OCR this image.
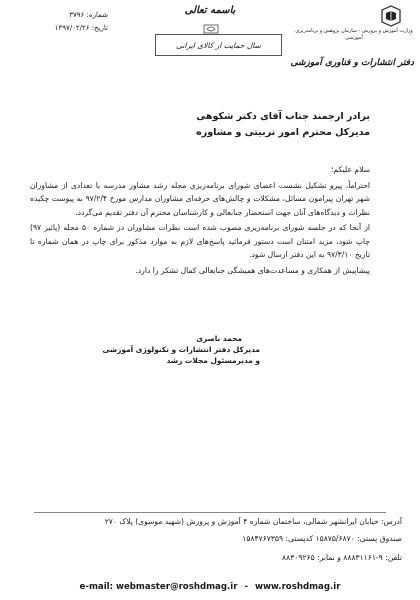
شماره: ۳۷۹۶
تاریخ: ۱۳۹۷/۰۲/۲۶
باسمه تعالی
سال حمایت از کالای ایرانی
وزارت آموزش و پرورش - سازمان پژوهش و برنامه‌ریزی آموزشی
دفتر انتشارات و فناوری آموزشی
برادر ارجمند جناب آقای دکتر شکوهی
مدیرکل محترم امور تربیتی و مشاوره

سلام علیکم؛

احتراماً، پیرو تشکیل نشست اعضای شورای برنامه‌ریزی مجله رشد مشاور مدرسه با تعدادی از مشاوران شهر تهران پیرامون مسائل، مشکلات و چالش‌های حرفه‌ای مشاوران مدارس مورخ ۹۷/۲/۴ به پیوست چکیده نظرات و دیدگاه‌های آنان جهت استحضار جنابعالی و کارشناسان محترم آن دفتر تقدیم می‌گردد.

از آنجا که در جلسه شورای برنامه‌ریزی مصوب شده است نظرات مشاوران در شماره ۵۰ مجله (پائیز ۹۷) چاپ شود، مزید امتنان است دستور فرمائید پاسخ‌های لازم به موارد مذکور برای چاپ در همان شماره تا تاریخ ۹۷/۳/۱۰ به این دفتر ارسال شود.

پیشاپیش از همکاری و مساعدت‌های همیشگی جنابعالی کمال تشکر را دارد.

محمد ناصری
مدیرکل دفتر انتشارات و تکنولوژی آموزشی
و مدیرمسئول مجلات رشد
آدرس: خیابان ایرانشهر شمالی، ساختمان شماره ۴ آموزش و پرورش (شهید موسوی) پلاک ۲۷۰
صندوق پستی: ۱۵۸۷۵/۶۸۷۰ کدپستی: ۱۵۸۴۷۶۷۳۵۹
تلفن: ۹-۸۸۸۳۱۱۶۱ و نمابر: ۸۸۳۰۹۲۶۵
e-mail: webmaster@roshdmag.ir - www.roshdmag.ir
